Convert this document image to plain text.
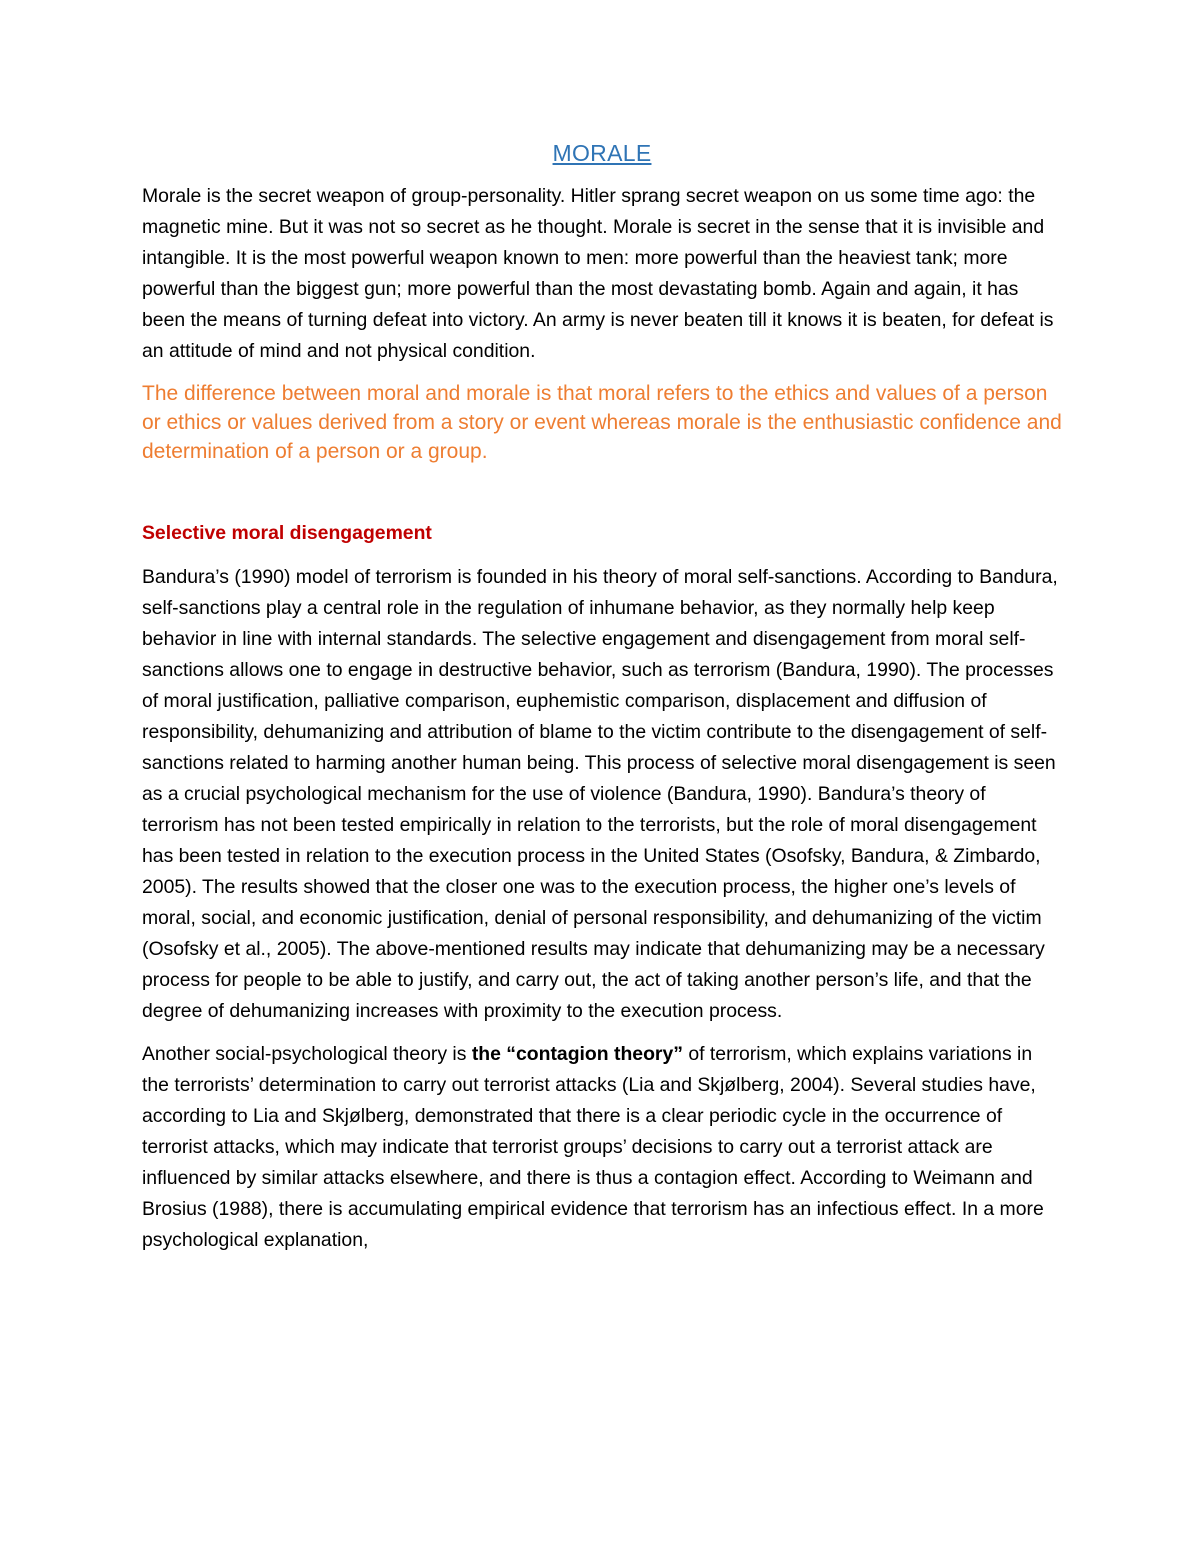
MORALE

Morale is the secret weapon of group-personality. Hitler sprang secret weapon on us some time ago: the magnetic mine. But it was not so secret as he thought. Morale is secret in the sense that it is invisible and intangible. It is the most powerful weapon known to men: more powerful than the heaviest tank; more powerful than the biggest gun; more powerful than the most devastating bomb. Again and again, it has been the means of turning defeat into victory. An army is never beaten till it knows it is beaten, for defeat is an attitude of mind and not physical condition.

The difference between moral and morale is that moral refers to the ethics and values of a person or ethics or values derived from a story or event whereas morale is the enthusiastic confidence and determination of a person or a group.

Selective moral disengagement

Bandura’s (1990) model of terrorism is founded in his theory of moral self-sanctions. According to Bandura, self-sanctions play a central role in the regulation of inhumane behavior, as they normally help keep behavior in line with internal standards. The selective engagement and disengagement from moral self-sanctions allows one to engage in destructive behavior, such as terrorism (Bandura, 1990). The processes of moral justification, palliative comparison, euphemistic comparison, displacement and diffusion of responsibility, dehumanizing and attribution of blame to the victim contribute to the disengagement of self-sanctions related to harming another human being. This process of selective moral disengagement is seen as a crucial psychological mechanism for the use of violence (Bandura, 1990). Bandura’s theory of terrorism has not been tested empirically in relation to the terrorists, but the role of moral disengagement has been tested in relation to the execution process in the United States (Osofsky, Bandura, & Zimbardo, 2005). The results showed that the closer one was to the execution process, the higher one’s levels of moral, social, and economic justification, denial of personal responsibility, and dehumanizing of the victim (Osofsky et al., 2005). The above-mentioned results may indicate that dehumanizing may be a necessary process for people to be able to justify, and carry out, the act of taking another person’s life, and that the degree of dehumanizing increases with proximity to the execution process.

Another social-psychological theory is the “contagion theory” of terrorism, which explains variations in the terrorists’ determination to carry out terrorist attacks (Lia and Skjølberg, 2004). Several studies have, according to Lia and Skjølberg, demonstrated that there is a clear periodic cycle in the occurrence of terrorist attacks, which may indicate that terrorist groups’ decisions to carry out a terrorist attack are influenced by similar attacks elsewhere, and there is thus a contagion effect. According to Weimann and Brosius (1988), there is accumulating empirical evidence that terrorism has an infectious effect. In a more psychological explanation,
